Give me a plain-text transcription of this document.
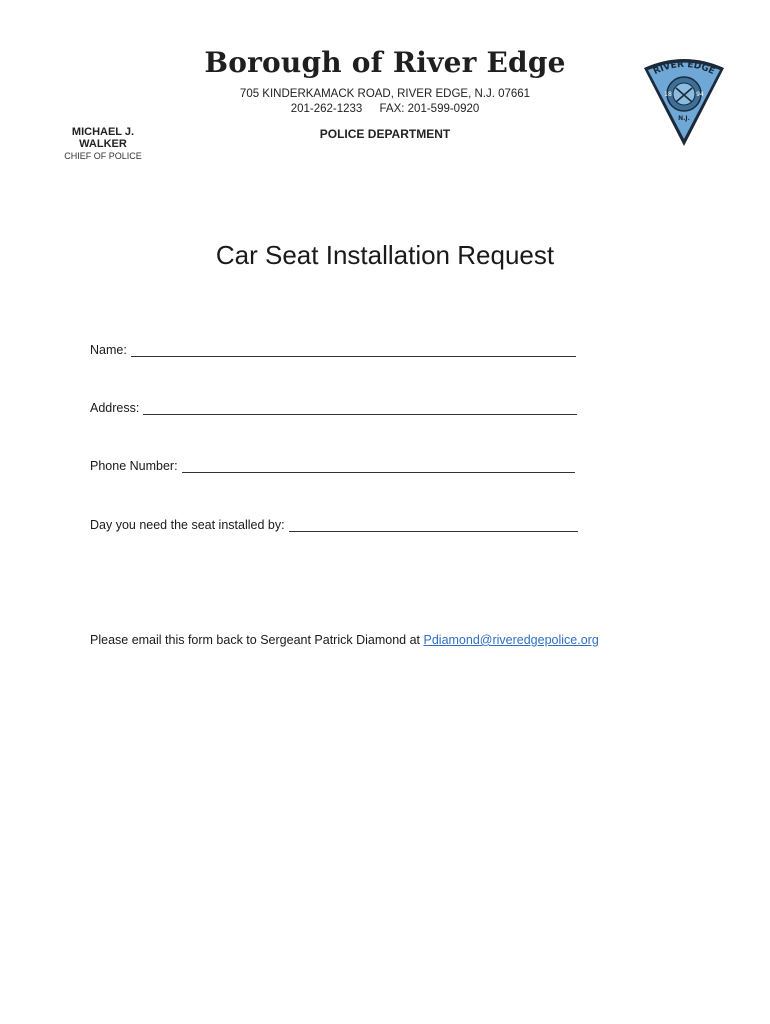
Borough of River Edge
705 KINDERKAMACK ROAD, RIVER EDGE, N.J. 07661
201-262-1233 FAX: 201-599-0920
POLICE DEPARTMENT
MICHAEL J. WALKER
CHIEF OF POLICE
RIVER EDGE
18	94
N.J.
Car Seat Installation Request
Name:
Address:
Phone Number:
Day you need the seat installed by:
Please email this form back to Sergeant Patrick Diamond at Pdiamond@riveredgepolice.org
